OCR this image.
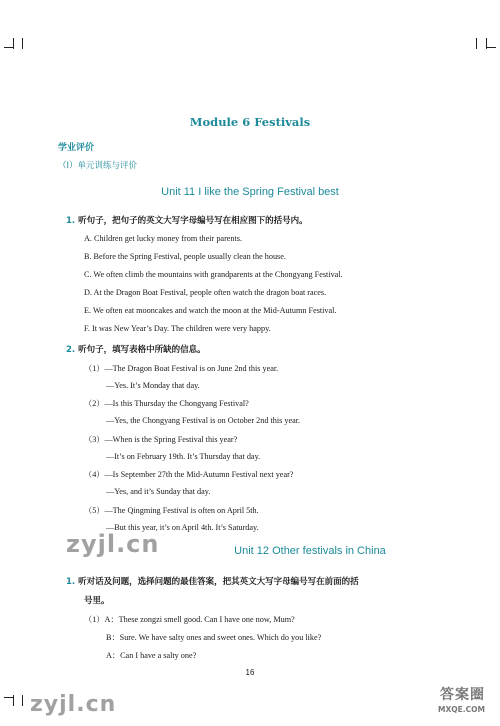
Module 6 Festivals
学业评价
（Ⅰ）单元训练与评价
Unit 11 I like the Spring Festival best
1. 听句子，把句子的英文大写字母编号写在相应图下的括号内。
A. Children get lucky money from their parents.
B. Before the Spring Festival, people usually clean the house.
C. We often climb the mountains with grandparents at the Chongyang Festival.
D. At the Dragon Boat Festival, people often watch the dragon boat races.
E. We often eat mooncakes and watch the moon at the Mid-Autumn Festival.
F. It was New Year’s Day. The children were very happy.
2. 听句子，填写表格中所缺的信息。
（1）—The Dragon Boat Festival is on June 2nd this year.
—Yes. It’s Monday that day.
（2）—Is this Thursday the Chongyang Festival?
—Yes, the Chongyang Festival is on October 2nd this year.
（3）—When is the Spring Festival this year?
—It’s on February 19th. It’s Thursday that day.
（4）—Is September 27th the Mid-Autumn Festival next year?
—Yes, and it’s Sunday that day.
（5）—The Qingming Festival is often on April 5th.
—But this year, it’s on April 4th. It’s Saturday.
zyjl.cn	Unit 12 Other festivals in China
1. 听对话及问题，选择问题的最佳答案，把其英文大写字母编号写在前面的括
号里。
（1）A：These zongzi smell good. Can I have one now, Mum?
B：Sure. We have salty ones and sweet ones. Which do you like?
A：Can I have a salty one?
16
zyjl.cn	答案圈
MXQE.COM
